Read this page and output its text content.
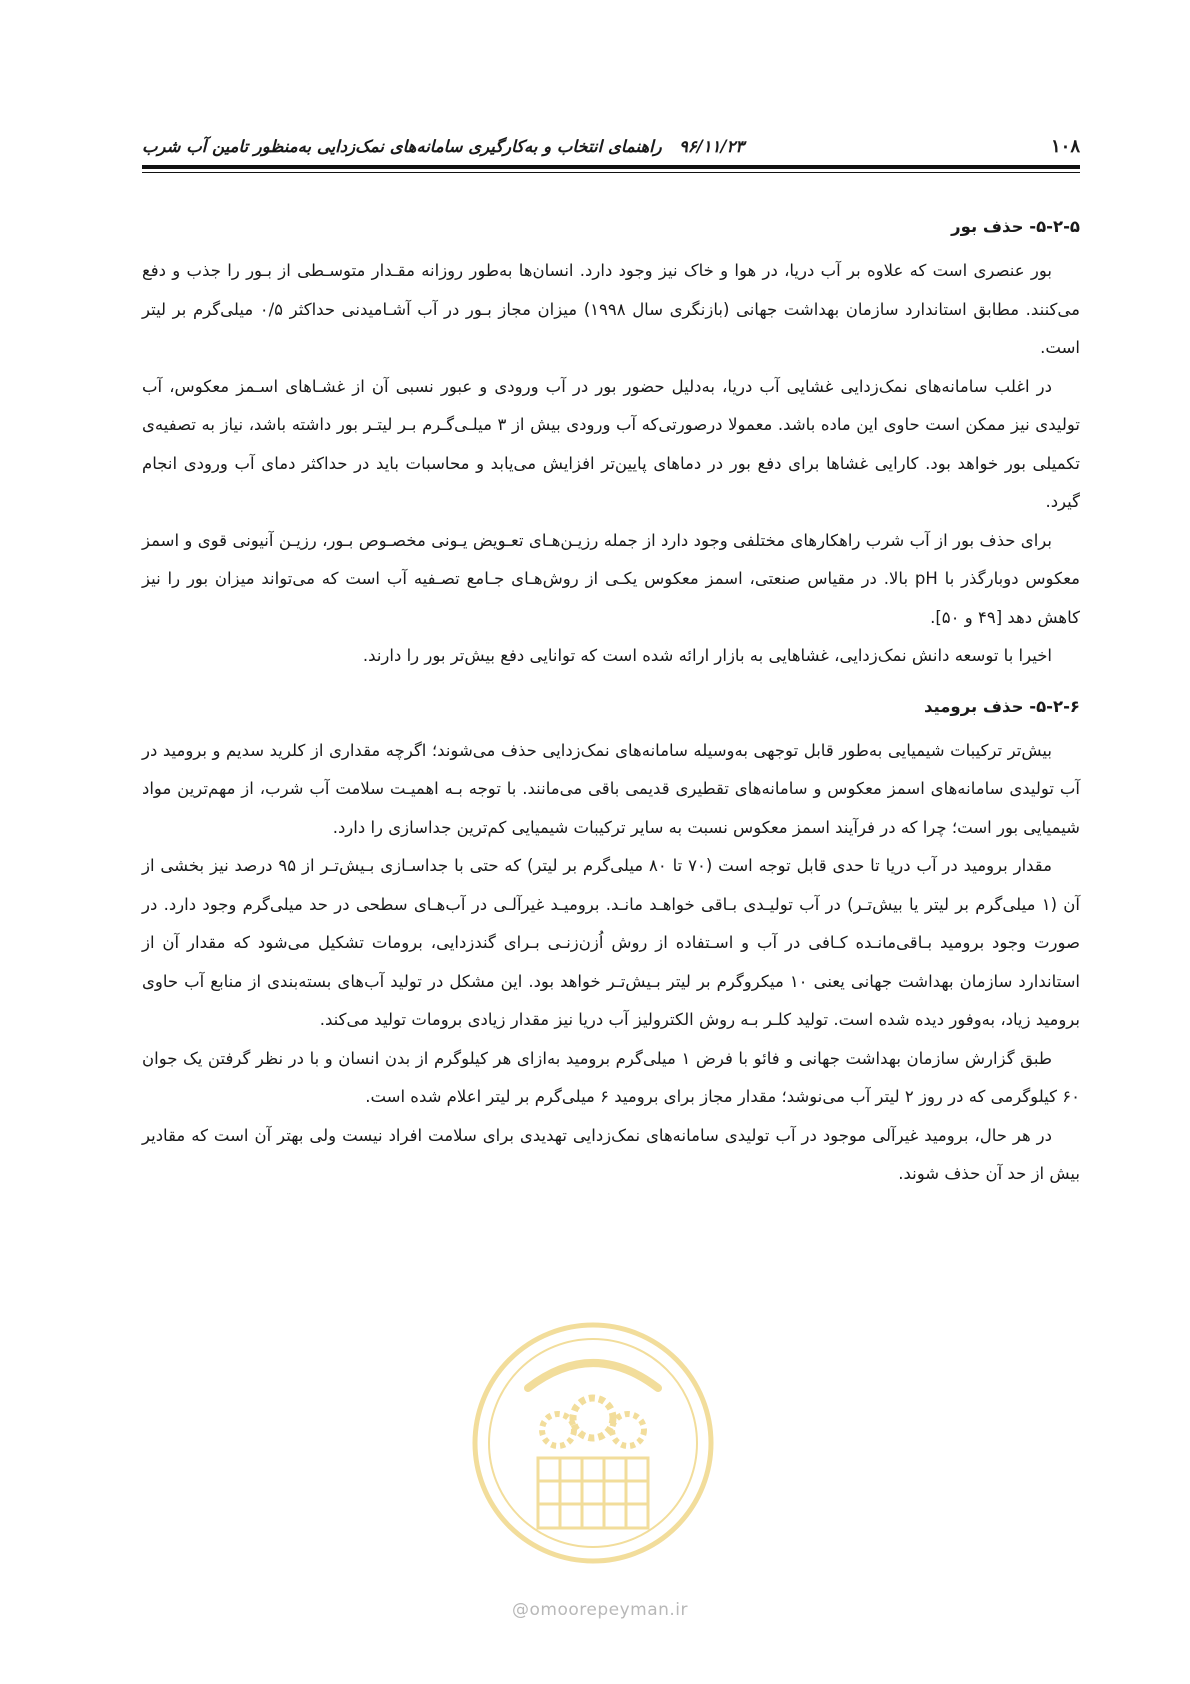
۱۰۸
۹۶/۱۱/۲۳   راهنمای انتخاب و به‌کارگیری سامانه‌های نمک‌زدایی به‌منظور تامین آب شرب
۵-۲-۵- حذف بور

بور عنصری است که علاوه بر آب دریا، در هوا و خاک نیز وجود دارد. انسان‌ها به‌طور روزانه مقـدار متوسـطی از بـور را جذب و دفع می‌کنند. مطابق استاندارد سازمان بهداشت جهانی (بازنگری سال ۱۹۹۸) میزان مجاز بـور در آب آشـامیدنی حداکثر ۰/۵ میلی‌گرم بر لیتر است.

در اغلب سامانه‌های نمک‌زدایی غشایی آب دریا، به‌دلیل حضور بور در آب ورودی و عبور نسبی آن از غشـاهای اسـمز معکوس، آب تولیدی نیز ممکن است حاوی این ماده باشد. معمولا درصورتی‌که آب ورودی بیش از ۳ میلـی‌گـرم بـر لیتـر بور داشته باشد، نیاز به تصفیه‌ی تکمیلی بور خواهد بود. کارایی غشاها برای دفع بور در دماهای پایین‌تر افزایش می‌یابد و محاسبات باید در حداکثر دمای آب ورودی انجام گیرد.

برای حذف بور از آب شرب راهکارهای مختلفی وجود دارد از جمله رزیـن‌هـای تعـویض یـونی مخصـوص بـور، رزیـن آنیونی قوی و اسمز معکوس دوبارگذر با pH بالا. در مقیاس صنعتی، اسمز معکوس یکـی از روش‌هـای جـامع تصـفیه آب است که می‌تواند میزان بور را نیز کاهش دهد [۴۹ و ۵۰].

اخیرا با توسعه دانش نمک‌زدایی، غشاهایی به بازار ارائه شده است که توانایی دفع بیش‌تر بور را دارند.

۵-۲-۶- حذف بروميد

بیش‌تر ترکیبات شیمیایی به‌طور قابل توجهی به‌وسیله سامانه‌های نمک‌زدایی حذف می‌شوند؛ اگرچه مقداری از کلرید سدیم و بروميد در آب تولیدی سامانه‌های اسمز معکوس و سامانه‌های تقطیری قدیمی باقی می‌مانند. با توجه بـه اهمیـت سلامت آب شرب، از مهم‌ترین مواد شیمیایی بور است؛ چرا که در فرآیند اسمز معکوس نسبت به سایر ترکیبات شیمیایی کم‌ترین جداسازی را دارد.

مقدار بروميد در آب دریا تا حدی قابل توجه است (۷۰ تا ۸۰ میلی‌گرم بر لیتر) که حتی با جداسـازی بـیش‌تـر از ۹۵ درصد نیز بخشی از آن (۱ میلی‌گرم بر لیتر یا بیش‌تـر) در آب تولیـدی بـاقی خواهـد مانـد. بروميـد غیرآلـی در آب‌هـای سطحی در حد میلی‌گرم وجود دارد. در صورت وجود بروميد بـاقی‌مانـده کـافی در آب و اسـتفاده از روش اُزن‌زنـی بـرای گندزدایی، برومات تشکیل می‌شود که مقدار آن از استاندارد سازمان بهداشت جهانی یعنی ۱۰ میکروگرم بر لیتر بـیش‌تـر خواهد بود. این مشکل در تولید آب‌های بسته‌بندی از منابع آب حاوی بروميد زیاد، به‌وفور دیده شده است. تولید کلـر بـه روش الکترولیز آب دریا نیز مقدار زیادی برومات تولید می‌کند.

طبق گزارش سازمان بهداشت جهانی و فائو با فرض ۱ میلی‌گرم بروميد به‌ازای هر کیلوگرم از بدن انسان و با در نظر گرفتن یک جوان ۶۰ کیلوگرمی که در روز ۲ لیتر آب می‌نوشد؛ مقدار مجاز برای بروميد ۶ میلی‌گرم بر لیتر اعلام شده است.

در هر حال، بروميد غیرآلی موجود در آب تولیدی سامانه‌های نمک‌زدایی تهدیدی برای سلامت افراد نیست ولی بهتر آن است که مقادیر بیش از حد آن حذف شوند.

@omoorepeyman.ir
